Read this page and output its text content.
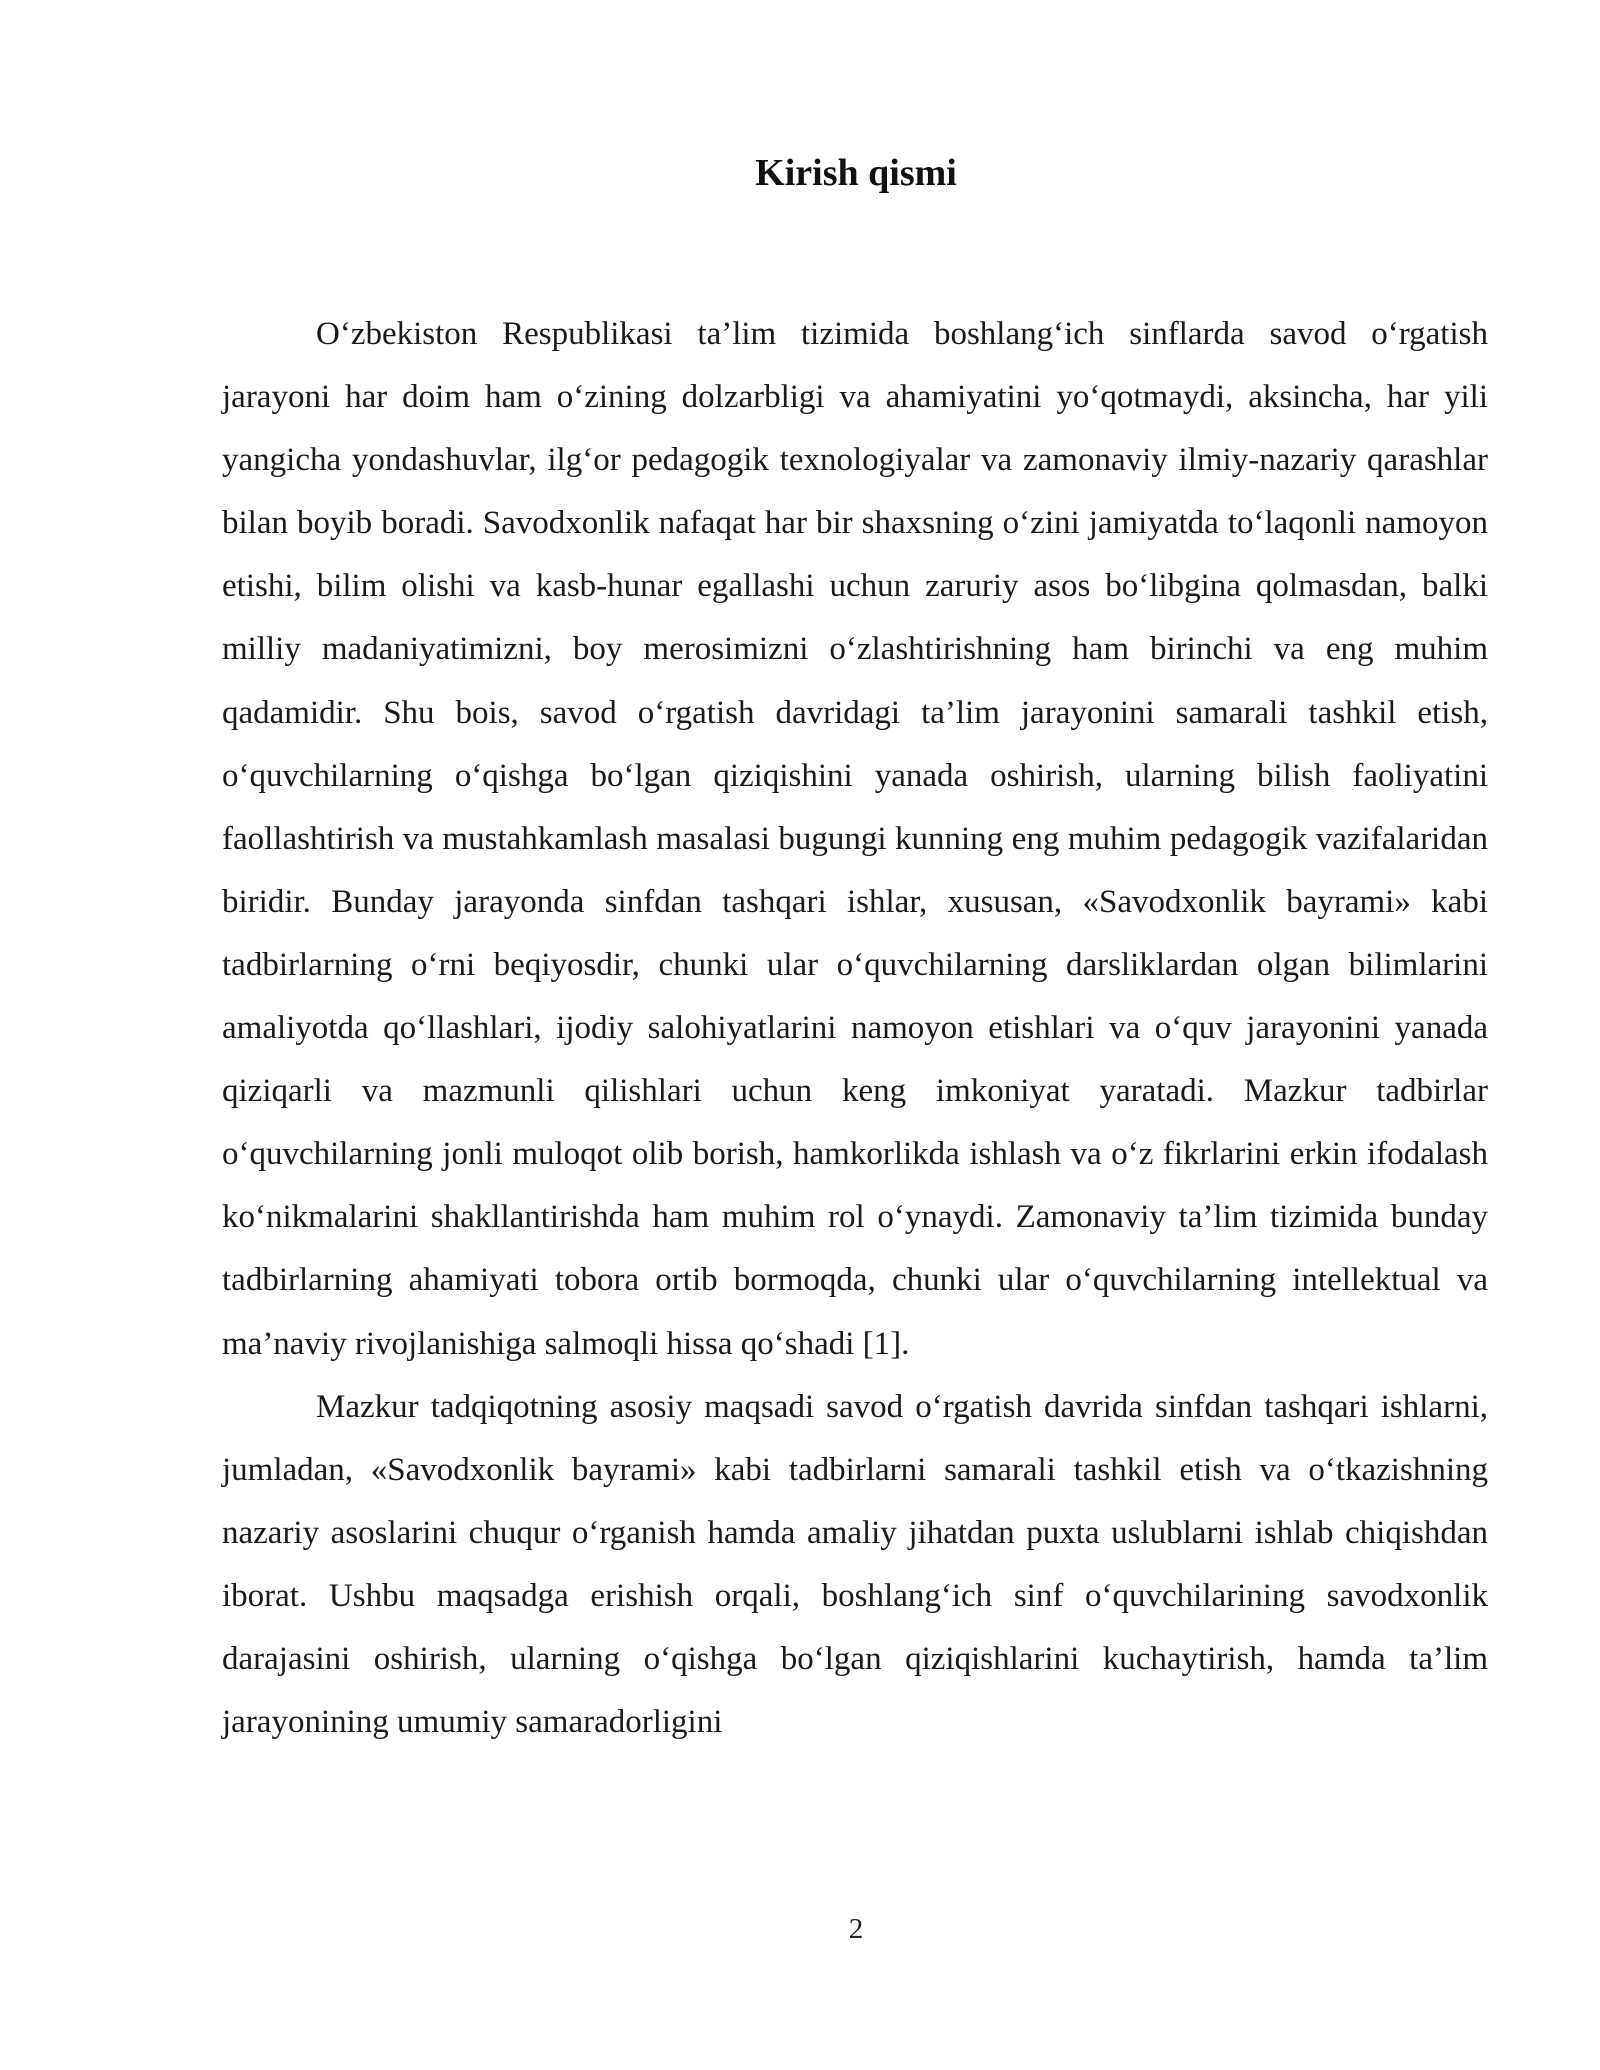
Kirish qismi

O‘zbekiston Respublikasi ta’lim tizimida boshlang‘ich sinflarda savod o‘rgatish jarayoni har doim ham o‘zining dolzarbligi va ahamiyatini yo‘qotmaydi, aksincha, har yili yangicha yondashuvlar, ilg‘or pedagogik texnologiyalar va zamonaviy ilmiy-nazariy qarashlar bilan boyib boradi. Savodxonlik nafaqat har bir shaxsning o‘zini jamiyatda to‘laqonli namoyon etishi, bilim olishi va kasb-hunar egallashi uchun zaruriy asos bo‘libgina qolmasdan, balki milliy madaniyatimizni, boy merosimizni o‘zlashtirishning ham birinchi va eng muhim qadamidir. Shu bois, savod o‘rgatish davridagi ta’lim jarayonini samarali tashkil etish, o‘quvchilarning o‘qishga bo‘lgan qiziqishini yanada oshirish, ularning bilish faoliyatini faollashtirish va mustahkamlash masalasi bugungi kunning eng muhim pedagogik vazifalaridan biridir. Bunday jarayonda sinfdan tashqari ishlar, xususan, «Savodxonlik bayrami» kabi tadbirlarning o‘rni beqiyosdir, chunki ular o‘quvchilarning darsliklardan olgan bilimlarini amaliyotda qo‘llashlari, ijodiy salohiyatlarini namoyon etishlari va o‘quv jarayonini yanada qiziqarli va mazmunli qilishlari uchun keng imkoniyat yaratadi. Mazkur tadbirlar o‘quvchilarning jonli muloqot olib borish, hamkorlikda ishlash va o‘z fikrlarini erkin ifodalash ko‘nikmalarini shakllantirishda ham muhim rol o‘ynaydi. Zamonaviy ta’lim tizimida bunday tadbirlarning ahamiyati tobora ortib bormoqda, chunki ular o‘quvchilarning intellektual va ma’naviy rivojlanishiga salmoqli hissa qo‘shadi [1].

Mazkur tadqiqotning asosiy maqsadi savod o‘rgatish davrida sinfdan tashqari ishlarni, jumladan, «Savodxonlik bayrami» kabi tadbirlarni samarali tashkil etish va o‘tkazishning nazariy asoslarini chuqur o‘rganish hamda amaliy jihatdan puxta uslublarni ishlab chiqishdan iborat. Ushbu maqsadga erishish orqali, boshlang‘ich sinf o‘quvchilarining savodxonlik darajasini oshirish, ularning o‘qishga bo‘lgan qiziqishlarini kuchaytirish, hamda ta’lim jarayonining umumiy samaradorligini

2
